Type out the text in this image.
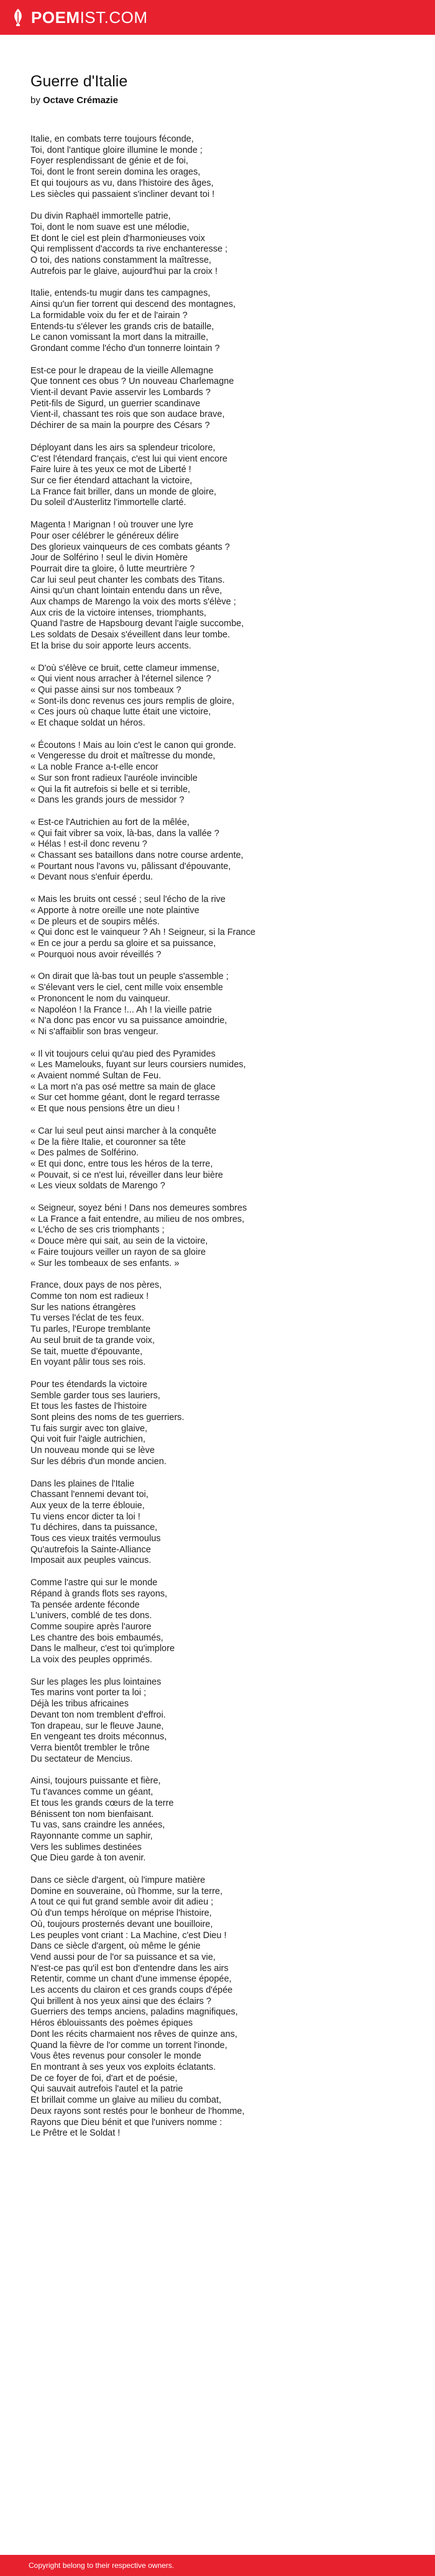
POEMIST.COM
Guerre d'Italie
by Octave Crémazie

Italie, en combats terre toujours féconde,
Toi, dont l'antique gloire illumine le monde ;
Foyer resplendissant de génie et de foi,
Toi, dont le front serein domina les orages,
Et qui toujours as vu, dans l'histoire des âges,
Les siècles qui passaient s'incliner devant toi !

Du divin Raphaël immortelle patrie,
Toi, dont le nom suave est une mélodie,
Et dont le ciel est plein d'harmonieuses voix
Qui remplissent d'accords ta rive enchanteresse ;
O toi, des nations constamment la maîtresse,
Autrefois par le glaive, aujourd'hui par la croix !

Italie, entends-tu mugir dans tes campagnes,
Ainsi qu'un fier torrent qui descend des montagnes,
La formidable voix du fer et de l'airain ?
Entends-tu s'élever les grands cris de bataille,
Le canon vomissant la mort dans la mitraille,
Grondant comme l'écho d'un tonnerre lointain ?

Est-ce pour le drapeau de la vieille Allemagne
Que tonnent ces obus ? Un nouveau Charlemagne
Vient-il devant Pavie asservir les Lombards ?
Petit-fils de Sigurd, un guerrier scandinave
Vient-il, chassant tes rois que son audace brave,
Déchirer de sa main la pourpre des Césars ?

Déployant dans les airs sa splendeur tricolore,
C'est l'étendard français, c'est lui qui vient encore
Faire luire à tes yeux ce mot de Liberté !
Sur ce fier étendard attachant la victoire,
La France fait briller, dans un monde de gloire,
Du soleil d'Austerlitz l'immortelle clarté.

Magenta ! Marignan ! où trouver une lyre
Pour oser célébrer le généreux délire
Des glorieux vainqueurs de ces combats géants ?
Jour de Solférino ! seul le divin Homère
Pourrait dire ta gloire, ô lutte meurtrière ?
Car lui seul peut chanter les combats des Titans.
Ainsi qu'un chant lointain entendu dans un rêve,
Aux champs de Marengo la voix des morts s'élève ;
Aux cris de la victoire intenses, triomphants,
Quand l'astre de Hapsbourg devant l'aigle succombe,
Les soldats de Desaix s'éveillent dans leur tombe.
Et la brise du soir apporte leurs accents.

« D'où s'élève ce bruit, cette clameur immense,
« Qui vient nous arracher à l'éternel silence ?
« Qui passe ainsi sur nos tombeaux ?
« Sont-ils donc revenus ces jours remplis de gloire,
« Ces jours où chaque lutte était une victoire,
« Et chaque soldat un héros.

« Écoutons ! Mais au loin c'est le canon qui gronde.
« Vengeresse du droit et maîtresse du monde,
« La noble France a-t-elle encor
« Sur son front radieux l'auréole invincible
« Qui la fit autrefois si belle et si terrible,
« Dans les grands jours de messidor ?

« Est-ce l'Autrichien au fort de la mêlée,
« Qui fait vibrer sa voix, là-bas, dans la vallée ?
« Hélas ! est-il donc revenu ?
« Chassant ses bataillons dans notre course ardente,
« Pourtant nous l'avons vu, pâlissant d'épouvante,
« Devant nous s'enfuir éperdu.

« Mais les bruits ont cessé ; seul l'écho de la rive
« Apporte à notre oreille une note plaintive
« De pleurs et de soupirs mêlés.
« Qui donc est le vainqueur ? Ah ! Seigneur, si la France
« En ce jour a perdu sa gloire et sa puissance,
« Pourquoi nous avoir réveillés ?

« On dirait que là-bas tout un peuple s'assemble ;
« S'élevant vers le ciel, cent mille voix ensemble
« Prononcent le nom du vainqueur.
« Napoléon ! la France !... Ah ! la vieille patrie
« N'a donc pas encor vu sa puissance amoindrie,
« Ni s'affaiblir son bras vengeur.

« Il vit toujours celui qu'au pied des Pyramides
« Les Mamelouks, fuyant sur leurs coursiers numides,
« Avaient nommé Sultan de Feu.
« La mort n'a pas osé mettre sa main de glace
« Sur cet homme géant, dont le regard terrasse
« Et que nous pensions être un dieu !

« Car lui seul peut ainsi marcher à la conquête
« De la fière Italie, et couronner sa tête
« Des palmes de Solférino.
« Et qui donc, entre tous les héros de la terre,
« Pouvait, si ce n'est lui, réveiller dans leur bière
« Les vieux soldats de Marengo ?

« Seigneur, soyez béni ! Dans nos demeures sombres
« La France a fait entendre, au milieu de nos ombres,
« L'écho de ses cris triomphants ;
« Douce mère qui sait, au sein de la victoire,
« Faire toujours veiller un rayon de sa gloire
« Sur les tombeaux de ses enfants. »

France, doux pays de nos pères,
Comme ton nom est radieux !
Sur les nations étrangères
Tu verses l'éclat de tes feux.
Tu parles, l'Europe tremblante
Au seul bruit de ta grande voix,
Se tait, muette d'épouvante,
En voyant pâlir tous ses rois.

Pour tes étendards la victoire
Semble garder tous ses lauriers,
Et tous les fastes de l'histoire
Sont pleins des noms de tes guerriers.
Tu fais surgir avec ton glaive,
Qui voit fuir l'aigle autrichien,
Un nouveau monde qui se lève
Sur les débris d'un monde ancien.

Dans les plaines de l'Italie
Chassant l'ennemi devant toi,
Aux yeux de la terre éblouie,
Tu viens encor dicter ta loi !
Tu déchires, dans ta puissance,
Tous ces vieux traités vermoulus
Qu'autrefois la Sainte-Alliance
Imposait aux peuples vaincus.

Comme l'astre qui sur le monde
Répand à grands flots ses rayons,
Ta pensée ardente féconde
L'univers, comblé de tes dons.
Comme soupire après l'aurore
Les chantre des bois embaumés,
Dans le malheur, c'est toi qu'implore
La voix des peuples opprimés.

Sur les plages les plus lointaines
Tes marins vont porter ta loi ;
Déjà les tribus africaines
Devant ton nom tremblent d'effroi.
Ton drapeau, sur le fleuve Jaune,
En vengeant tes droits méconnus,
Verra bientôt trembler le trône
Du sectateur de Mencius.

Ainsi, toujours puissante et fière,
Tu t'avances comme un géant,
Et tous les grands cœurs de la terre
Bénissent ton nom bienfaisant.
Tu vas, sans craindre les années,
Rayonnante comme un saphir,
Vers les sublimes destinées
Que Dieu garde à ton avenir.

Dans ce siècle d'argent, où l'impure matière
Domine en souveraine, où l'homme, sur la terre,
A tout ce qui fut grand semble avoir dit adieu ;
Où d'un temps héroïque on méprise l'histoire,
Où, toujours prosternés devant une bouilloire,
Les peuples vont criant : La Machine, c'est Dieu !
Dans ce siècle d'argent, où même le génie
Vend aussi pour de l'or sa puissance et sa vie,
N'est-ce pas qu'il est bon d'entendre dans les airs
Retentir, comme un chant d'une immense épopée,
Les accents du clairon et ces grands coups d'épée
Qui brillent à nos yeux ainsi que des éclairs ?
Guerriers des temps anciens, paladins magnifiques,
Héros éblouissants des poèmes épiques
Dont les récits charmaient nos rêves de quinze ans,
Quand la fièvre de l'or comme un torrent l'inonde,
Vous êtes revenus pour consoler le monde
En montrant à ses yeux vos exploits éclatants.
De ce foyer de foi, d'art et de poésie,
Qui sauvait autrefois l'autel et la patrie
Et brillait comme un glaive au milieu du combat,
Deux rayons sont restés pour le bonheur de l'homme,
Rayons que Dieu bénit et que l'univers nomme :
Le Prêtre et le Soldat !

Copyright belong to their respective owners.
